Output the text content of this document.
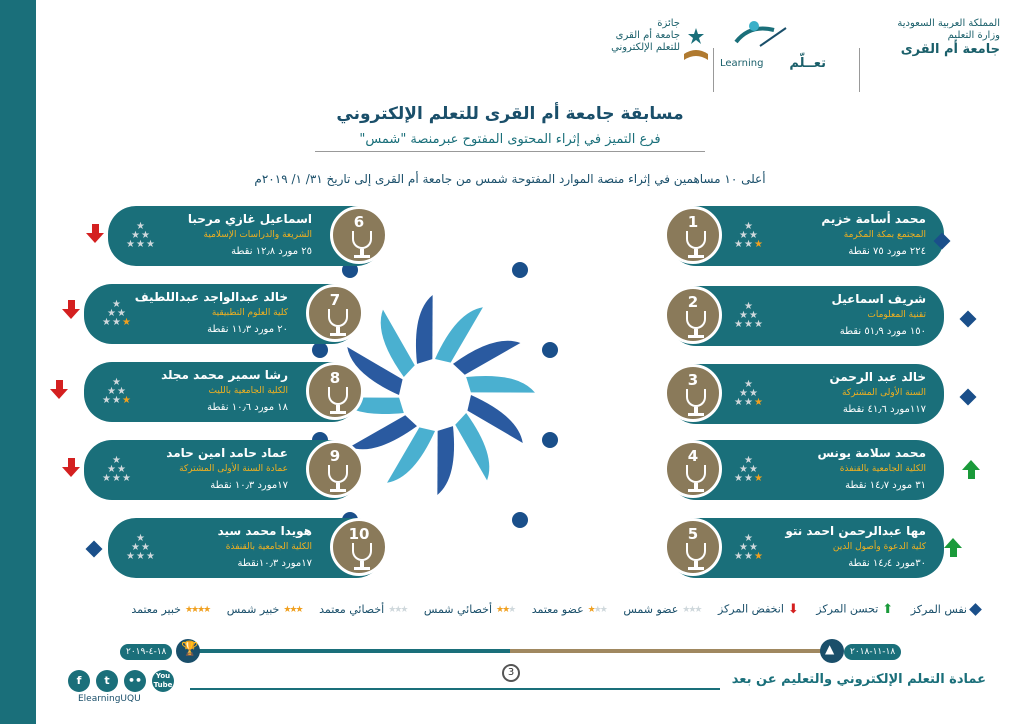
المملكة العربية السعودية
وزارة التعليم
جامعة أم القرى
تعــلّم
Learning
جائزة
جامعة أم القرى
للتعلم الإلكتروني
مسابقة جامعة أم القرى للتعلم الإلكتروني
فرع التميز في إثراء المحتوى المفتوح عبرمنصة "شمس"
أعلى ١٠ مساهمين في إثراء منصة الموارد المفتوحة شمس من جامعة أم القرى إلى تاريخ ٣١/ ١/ ٢٠١٩م
1	محمد أسامة خزيم
المجتمع بمكة المكرمة
٢٢٤ مورد ٧٥ نقطة
★
★ ★
★ ★ ★
2	شريف اسماعيل
تقنية المعلومات
١٥٠ مورد ٥١٫٩ نقطة
★
★ ★
★ ★ ★
3	خالد عبد الرحمن
السنة الأولى المشتركة
١١٧مورد ٤١٫٦ نقطة
★
★ ★
★ ★ ★
4	محمد سلامة يونس
الكلية الجامعية بالقنفذة
٣١ مورد ١٤٫٧ نقطة
★
★ ★
★ ★ ★
5	مها عبدالرحمن احمد نتو
كلية الدعوة وأصول الدين
٣٠مورد ١٤٫٤ نقطة
★
★ ★
★ ★ ★
6
اسماعيل غازي مرحبا
الشريعة والدراسات الإسلامية
٢٥ مورد ١٢٫٨ نقطة
★
★ ★
★ ★ ★
7
خالد عبدالواجد عبداللطيف
كلية العلوم التطبيقية
٢٠ مورد ١١٫٣ نقطة
★
★ ★
★ ★ ★
8
رشا سمير محمد مجلد
الكلية الجامعية بالليث
١٨ مورد ١٠٫٦ نقطة
★
★ ★
★ ★ ★
9
عماد حامد امين حامد
عمادة السنة الأولى المشتركة
١٧مورد ١٠٫٣ نقطة
★
★ ★
★ ★ ★
10
هويدا محمد سيد
الكلية الجامعية بالقنفذة
١٧مورد ١٠٫٣نقطة
★
★ ★
★ ★ ★
نفس المركز ⬆تحسن المركز ⬇انخفض المركز ★★★عضو شمس ★★★عضو معتمد ★★★أخصائي شمس ★★★أخصائي معتمد ★★★خبير شمس ★★★★خبير معتمد
🏆
١٨-٤-٢٠١٩	▲	١٨-١١-٢٠١٨
3	عمادة التعلم الإلكتروني والتعليم عن بعد
f	t	••	You Tube
ElearningUQU
